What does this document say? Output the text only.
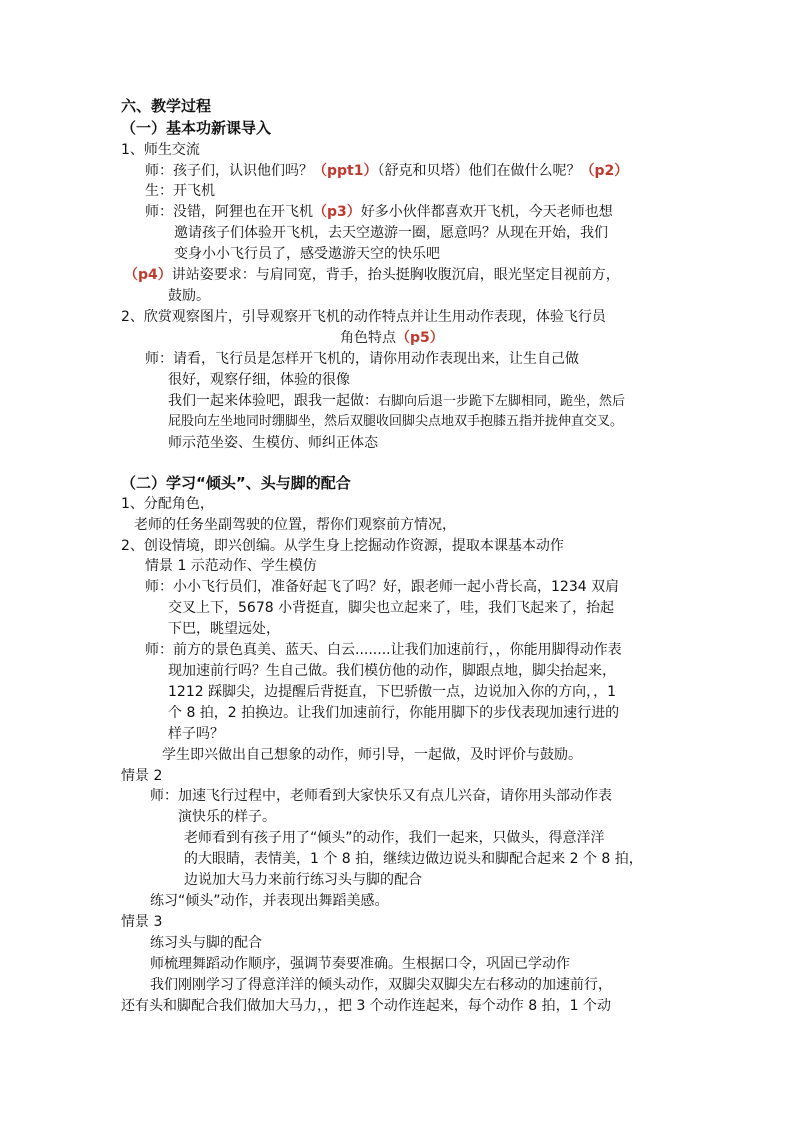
六、教学过程
（一）基本功新课导入
1、师生交流
师：孩子们，认识他们吗？（ppt1）（舒克和贝塔）他们在做什么呢？（p2）
生：开飞机
师：没错，阿狸也在开飞机（p3）好多小伙伴都喜欢开飞机，今天老师也想
邀请孩子们体验开飞机，去天空遨游一圈，愿意吗？从现在开始，我们
变身小小飞行员了，感受遨游天空的快乐吧
（p4）讲站姿要求：与肩同宽，背手，抬头挺胸收腹沉肩，眼光坚定目视前方，
鼓励。
2、欣赏观察图片，引导观察开飞机的动作特点并让生用动作表现，体验飞行员
角色特点（p5）
师：请看，飞行员是怎样开飞机的，请你用动作表现出来，让生自己做
很好，观察仔细，体验的很像
我们一起来体验吧，跟我一起做：右脚向后退一步跪下左脚相同，跪坐，然后
屁股向左坐地同时绷脚坐，然后双腿收回脚尖点地双手抱膝五指并拢伸直交叉。
师示范坐姿、生模仿、师纠正体态
（二）学习“倾头”、头与脚的配合
1、分配角色，
老师的任务坐副驾驶的位置，帮你们观察前方情况，
2、创设情境，即兴创编。从学生身上挖掘动作资源，提取本课基本动作
情景 1 示范动作、学生模仿
师：小小飞行员们，准备好起飞了吗？好，跟老师一起小背长高，1234 双肩
交叉上下，5678 小背挺直，脚尖也立起来了，哇，我们飞起来了，抬起
下巴，眺望远处，
师：前方的景色真美、蓝天、白云........让我们加速前行，，你能用脚得动作表
现加速前行吗？生自己做。我们模仿他的动作，脚跟点地，脚尖抬起来，
1212 踩脚尖，边提醒后背挺直，下巴骄傲一点，边说加入你的方向，，1
个 8 拍，2 拍换边。让我们加速前行，你能用脚下的步伐表现加速行进的
样子吗？
学生即兴做出自己想象的动作，师引导，一起做，及时评价与鼓励。
情景 2
师：加速飞行过程中，老师看到大家快乐又有点儿兴奋，请你用头部动作表
演快乐的样子。
老师看到有孩子用了“倾头”的动作，我们一起来，只做头，得意洋洋
的大眼睛，表情美，1 个 8 拍，继续边做边说头和脚配合起来 2 个 8 拍，
边说加大马力来前行练习头与脚的配合
练习“倾头”动作，并表现出舞蹈美感。
情景 3
练习头与脚的配合
师梳理舞蹈动作顺序，强调节奏要准确。生根据口令，巩固已学动作
我们刚刚学习了得意洋洋的倾头动作，双脚尖双脚尖左右移动的加速前行，
还有头和脚配合我们做加大马力，，把 3 个动作连起来，每个动作 8 拍，1 个动
